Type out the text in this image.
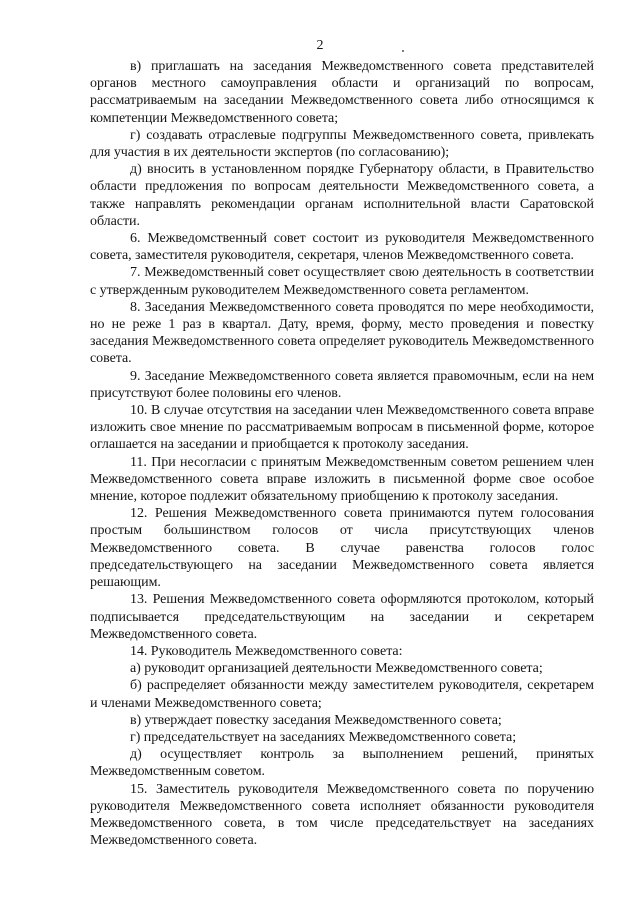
2

в) приглашать на заседания Межведомственного совета представителей органов местного самоуправления области и организаций по вопросам, рассматриваемым на заседании Межведомственного совета либо относящимся к компетенции Межведомственного совета;

г) создавать отраслевые подгруппы Межведомственного совета, привлекать для участия в их деятельности экспертов (по согласованию);

д) вносить в установленном порядке Губернатору области, в Правительство области предложения по вопросам деятельности Межведомственного совета, а также направлять рекомендации органам исполнительной власти Саратовской области.

6. Межведомственный совет состоит из руководителя Межведомственного совета, заместителя руководителя, секретаря, членов Межведомственного совета.

7. Межведомственный совет осуществляет свою деятельность в соответствии с утвержденным руководителем Межведомственного совета регламентом.

8. Заседания Межведомственного совета проводятся по мере необходимости, но не реже 1 раз в квартал. Дату, время, форму, место проведения и повестку заседания Межведомственного совета определяет руководитель Межведомственного совета.

9. Заседание Межведомственного совета является правомочным, если на нем присутствуют более половины его членов.

10. В случае отсутствия на заседании член Межведомственного совета вправе изложить свое мнение по рассматриваемым вопросам в письменной форме, которое оглашается на заседании и приобщается к протоколу заседания.

11. При несогласии с принятым Межведомственным советом решением член Межведомственного совета вправе изложить в письменной форме свое особое мнение, которое подлежит обязательному приобщению к протоколу заседания.

12. Решения Межведомственного совета принимаются путем голосования простым большинством голосов от числа присутствующих членов Межведомственного совета. В случае равенства голосов голос председательствующего на заседании Межведомственного совета является решающим.

13. Решения Межведомственного совета оформляются протоколом, который подписывается председательствующим на заседании и секретарем Межведомственного совета.

14. Руководитель Межведомственного совета:

а) руководит организацией деятельности Межведомственного совета;

б) распределяет обязанности между заместителем руководителя, секретарем и членами Межведомственного совета;

в) утверждает повестку заседания Межведомственного совета;

г) председательствует на заседаниях Межведомственного совета;

д) осуществляет контроль за выполнением решений, принятых Межведомственным советом.

15. Заместитель руководителя Межведомственного совета по поручению руководителя Межведомственного совета исполняет обязанности руководителя Межведомственного совета, в том числе председательствует на заседаниях Межведомственного совета.
